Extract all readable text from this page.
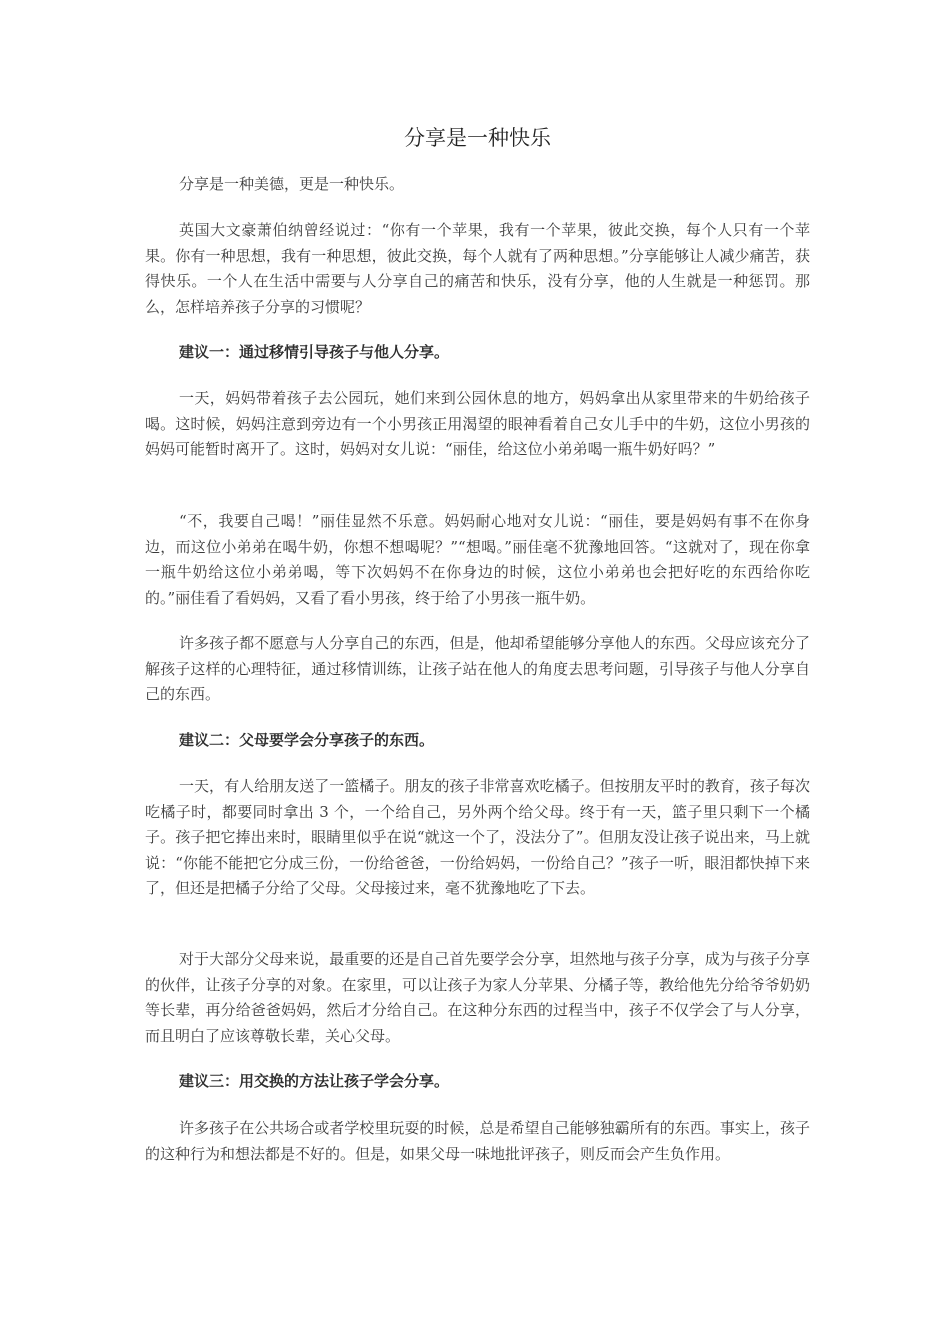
分享是一种快乐

分享是一种美德，更是一种快乐。

英国大文豪萧伯纳曾经说过：“你有一个苹果，我有一个苹果，彼此交换，每个人只有一个苹果。你有一种思想，我有一种思想，彼此交换，每个人就有了两种思想。”分享能够让人减少痛苦，获得快乐。一个人在生活中需要与人分享自己的痛苦和快乐，没有分享，他的人生就是一种惩罚。那么，怎样培养孩子分享的习惯呢？

建议一：通过移情引导孩子与他人分享。

一天，妈妈带着孩子去公园玩，她们来到公园休息的地方，妈妈拿出从家里带来的牛奶给孩子喝。这时候，妈妈注意到旁边有一个小男孩正用渴望的眼神看着自己女儿手中的牛奶，这位小男孩的妈妈可能暂时离开了。这时，妈妈对女儿说：“丽佳，给这位小弟弟喝一瓶牛奶好吗？”

“不，我要自己喝！”丽佳显然不乐意。妈妈耐心地对女儿说：“丽佳，要是妈妈有事不在你身边，而这位小弟弟在喝牛奶，你想不想喝呢？”“想喝。”丽佳毫不犹豫地回答。“这就对了，现在你拿一瓶牛奶给这位小弟弟喝，等下次妈妈不在你身边的时候，这位小弟弟也会把好吃的东西给你吃的。”丽佳看了看妈妈，又看了看小男孩，终于给了小男孩一瓶牛奶。

许多孩子都不愿意与人分享自己的东西，但是，他却希望能够分享他人的东西。父母应该充分了解孩子这样的心理特征，通过移情训练，让孩子站在他人的角度去思考问题，引导孩子与他人分享自己的东西。

建议二：父母要学会分享孩子的东西。

一天，有人给朋友送了一篮橘子。朋友的孩子非常喜欢吃橘子。但按朋友平时的教育，孩子每次吃橘子时，都要同时拿出 3 个，一个给自己，另外两个给父母。终于有一天，篮子里只剩下一个橘子。孩子把它捧出来时，眼睛里似乎在说“就这一个了，没法分了”。但朋友没让孩子说出来，马上就说：“你能不能把它分成三份，一份给爸爸，一份给妈妈，一份给自己？”孩子一听，眼泪都快掉下来了，但还是把橘子分给了父母。父母接过来，毫不犹豫地吃了下去。

对于大部分父母来说，最重要的还是自己首先要学会分享，坦然地与孩子分享，成为与孩子分享的伙伴，让孩子分享的对象。在家里，可以让孩子为家人分苹果、分橘子等，教给他先分给爷爷奶奶等长辈，再分给爸爸妈妈，然后才分给自己。在这种分东西的过程当中，孩子不仅学会了与人分享，而且明白了应该尊敬长辈，关心父母。

建议三：用交换的方法让孩子学会分享。

许多孩子在公共场合或者学校里玩耍的时候，总是希望自己能够独霸所有的东西。事实上，孩子的这种行为和想法都是不好的。但是，如果父母一味地批评孩子，则反而会产生负作用。
